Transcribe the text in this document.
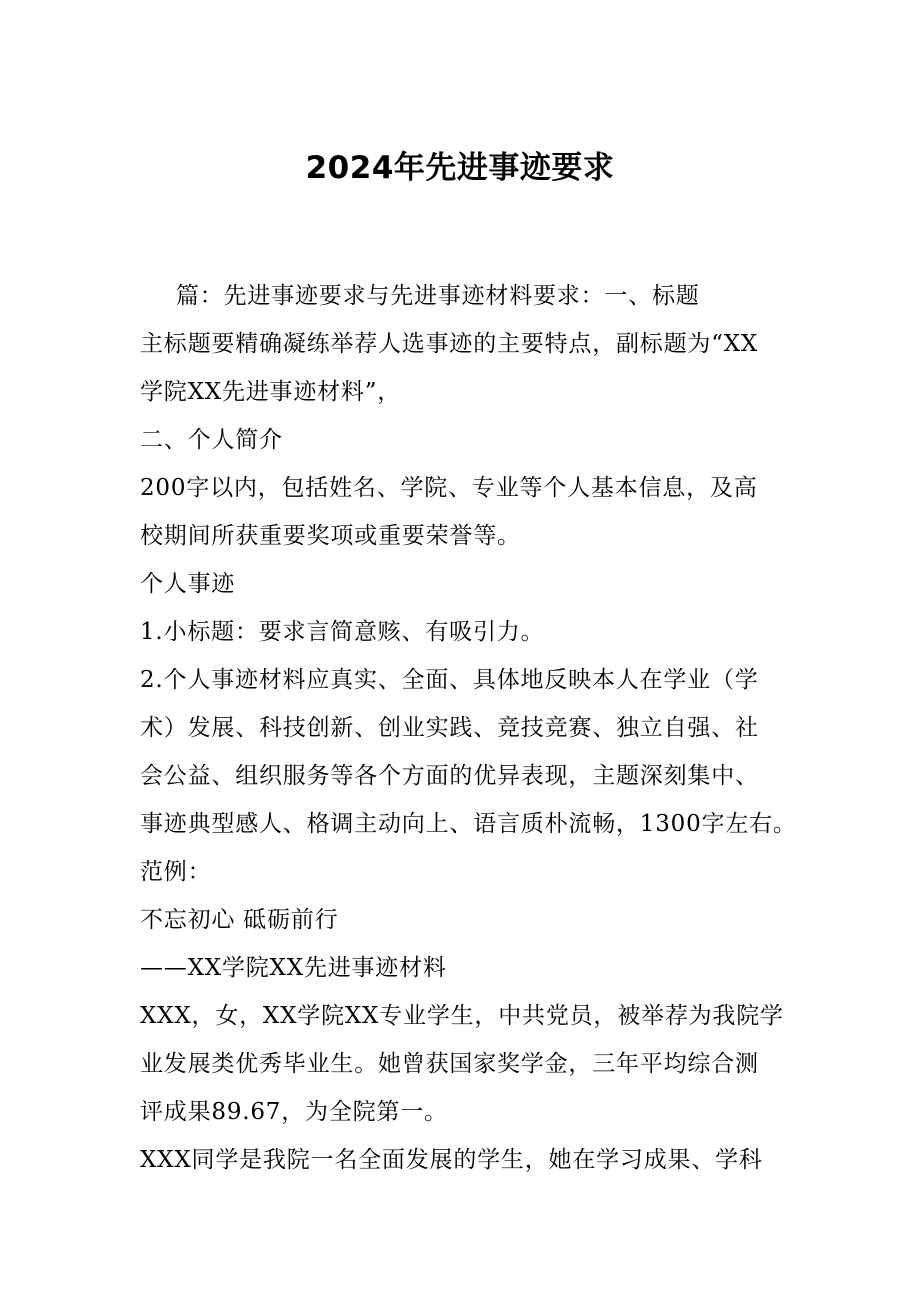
2024年先进事迹要求
篇：先进事迹要求与先进事迹材料要求：一、标题
主标题要精确凝练举荐人选事迹的主要特点，副标题为“XX
学院XX先进事迹材料”，
二、个人简介
200字以内，包括姓名、学院、专业等个人基本信息，及高
校期间所获重要奖项或重要荣誉等。
个人事迹
1.小标题：要求言简意赅、有吸引力。
2.个人事迹材料应真实、全面、具体地反映本人在学业（学
术）发展、科技创新、创业实践、竞技竞赛、独立自强、社
会公益、组织服务等各个方面的优异表现，主题深刻集中、
事迹典型感人、格调主动向上、语言质朴流畅，1300字左右。
范例：
不忘初心 砥砺前行
——XX学院XX先进事迹材料
XXX，女，XX学院XX专业学生，中共党员，被举荐为我院学
业发展类优秀毕业生。她曾获国家奖学金，三年平均综合测
评成果89.67，为全院第一。
XXX同学是我院一名全面发展的学生，她在学习成果、学科
